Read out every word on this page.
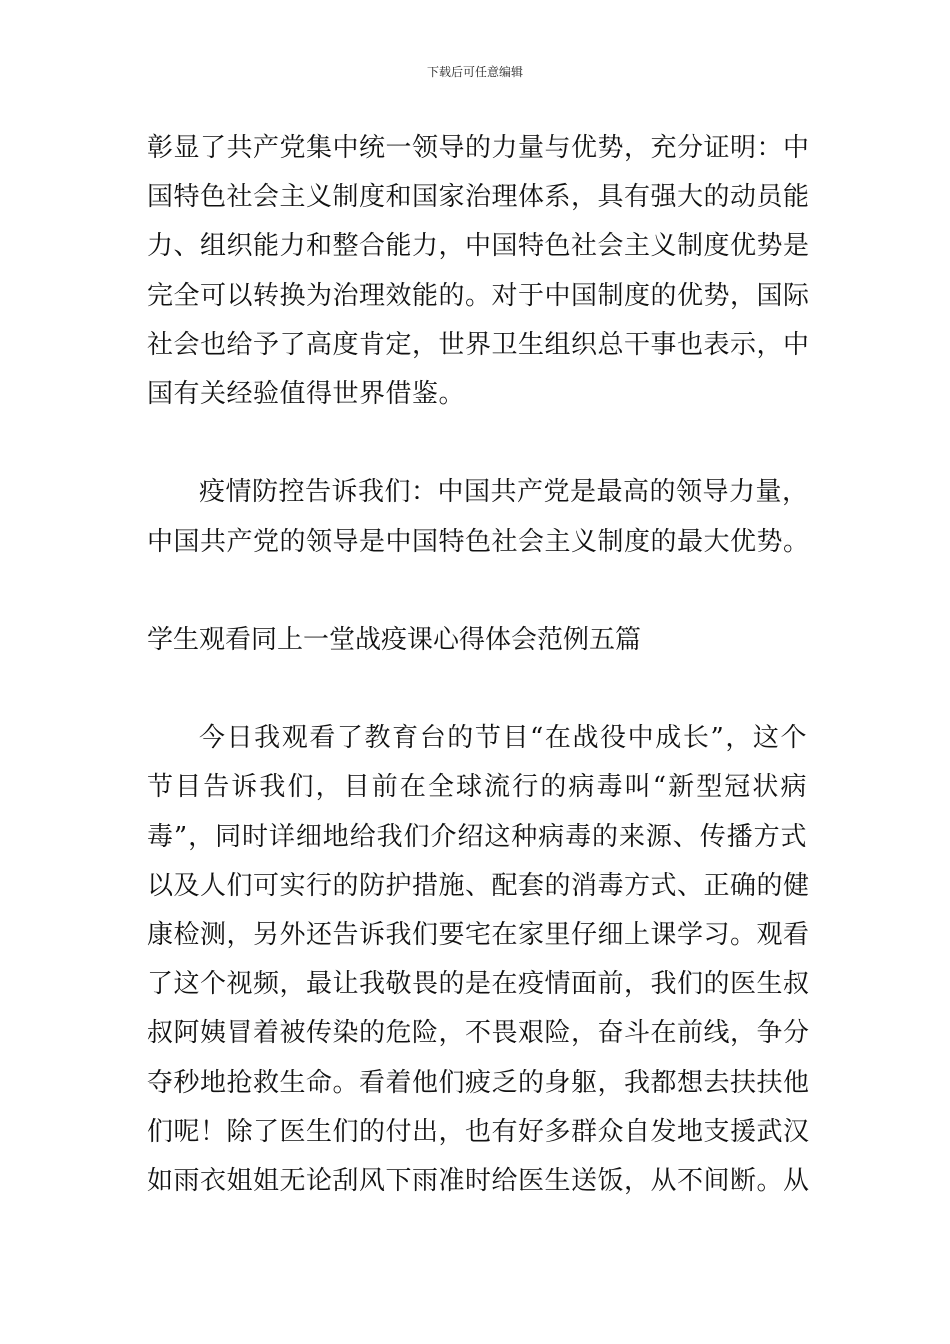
下载后可任意编辑
彰显了共产党集中统一领导的力量与优势，充分证明：中
国特色社会主义制度和国家治理体系，具有强大的动员能
力、组织能力和整合能力，中国特色社会主义制度优势是
完全可以转换为治理效能的。对于中国制度的优势，国际
社会也给予了高度肯定，世界卫生组织总干事也表示，中
国有关经验值得世界借鉴。
疫情防控告诉我们：中国共产党是最高的领导力量，
中国共产党的领导是中国特色社会主义制度的最大优势。
学生观看同上一堂战疫课心得体会范例五篇
今日我观看了教育台的节目“在战役中成长”，这个
节目告诉我们，目前在全球流行的病毒叫“新型冠状病
毒”，同时详细地给我们介绍这种病毒的来源、传播方式
以及人们可实行的防护措施、配套的消毒方式、正确的健
康检测，另外还告诉我们要宅在家里仔细上课学习。观看
了这个视频，最让我敬畏的是在疫情面前，我们的医生叔
叔阿姨冒着被传染的危险，不畏艰险，奋斗在前线，争分
夺秒地抢救生命。看着他们疲乏的身躯，我都想去扶扶他
们呢！除了医生们的付出，也有好多群众自发地支援武汉
如雨衣姐姐无论刮风下雨准时给医生送饭，从不间断。从
